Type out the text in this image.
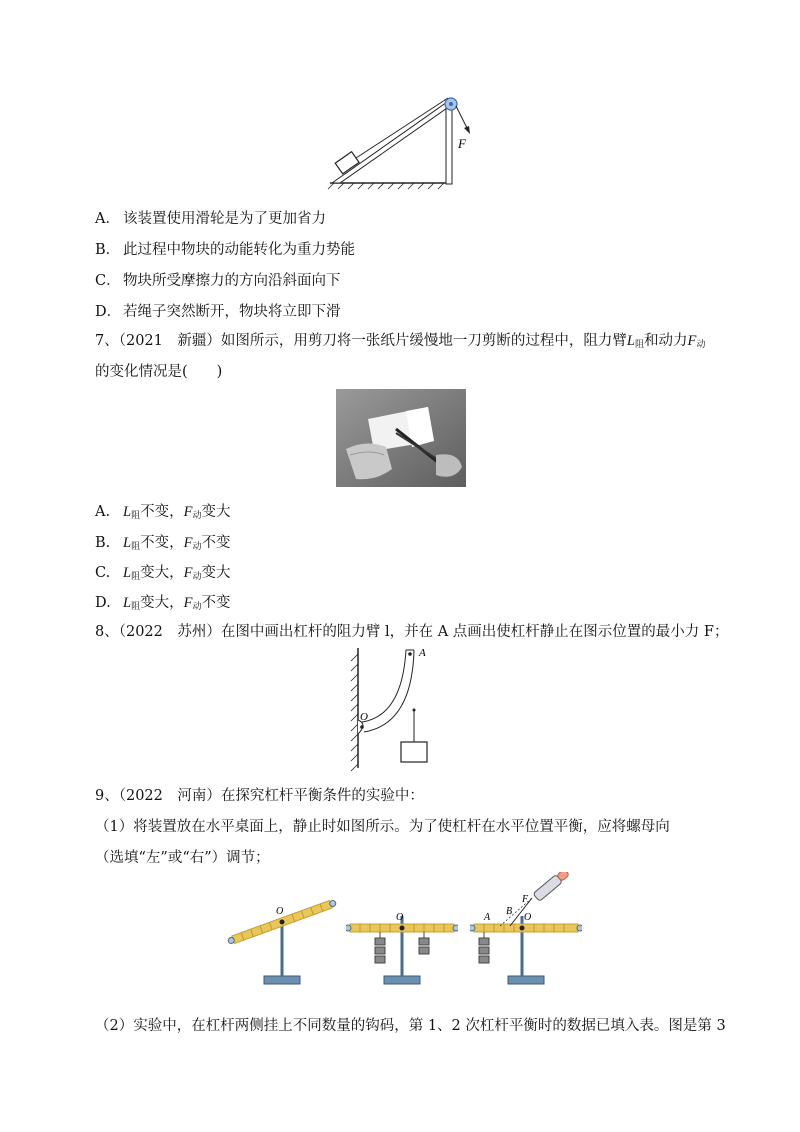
F
A． 该装置使用滑轮是为了更加省力
B． 此过程中物块的动能转化为重力势能
C． 物块所受摩擦力的方向沿斜面向下
D． 若绳子突然断开，物块将立即下滑
7、（2021　新疆）如图所示，用剪刀将一张纸片缓慢地一刀剪断的过程中，阻力臂$L_阻$和动力$F_动$
的变化情况是(　　)
A. $L_阻$不变，$F_动$变大
B. $L_阻$不变，$F_动$不变
C. $L_阻$变大，$F_动$变大
D. $L_阻$变大，$F_动$不变
8、（2022　苏州）在图中画出杠杆的阻力臂 l，并在 A 点画出使杠杆静止在图示位置的最小力 F；
A
O
9、（2022　河南）在探究杠杆平衡条件的实验中：
（1）将装置放在水平桌面上，静止时如图所示。为了使杠杆在水平位置平衡，应将螺母向
（选填“左”或“右”）调节；
O
O	A
B
F
O
（2）实验中，在杠杆两侧挂上不同数量的钩码，第 1、2 次杠杆平衡时的数据已填入表。图是第 3
